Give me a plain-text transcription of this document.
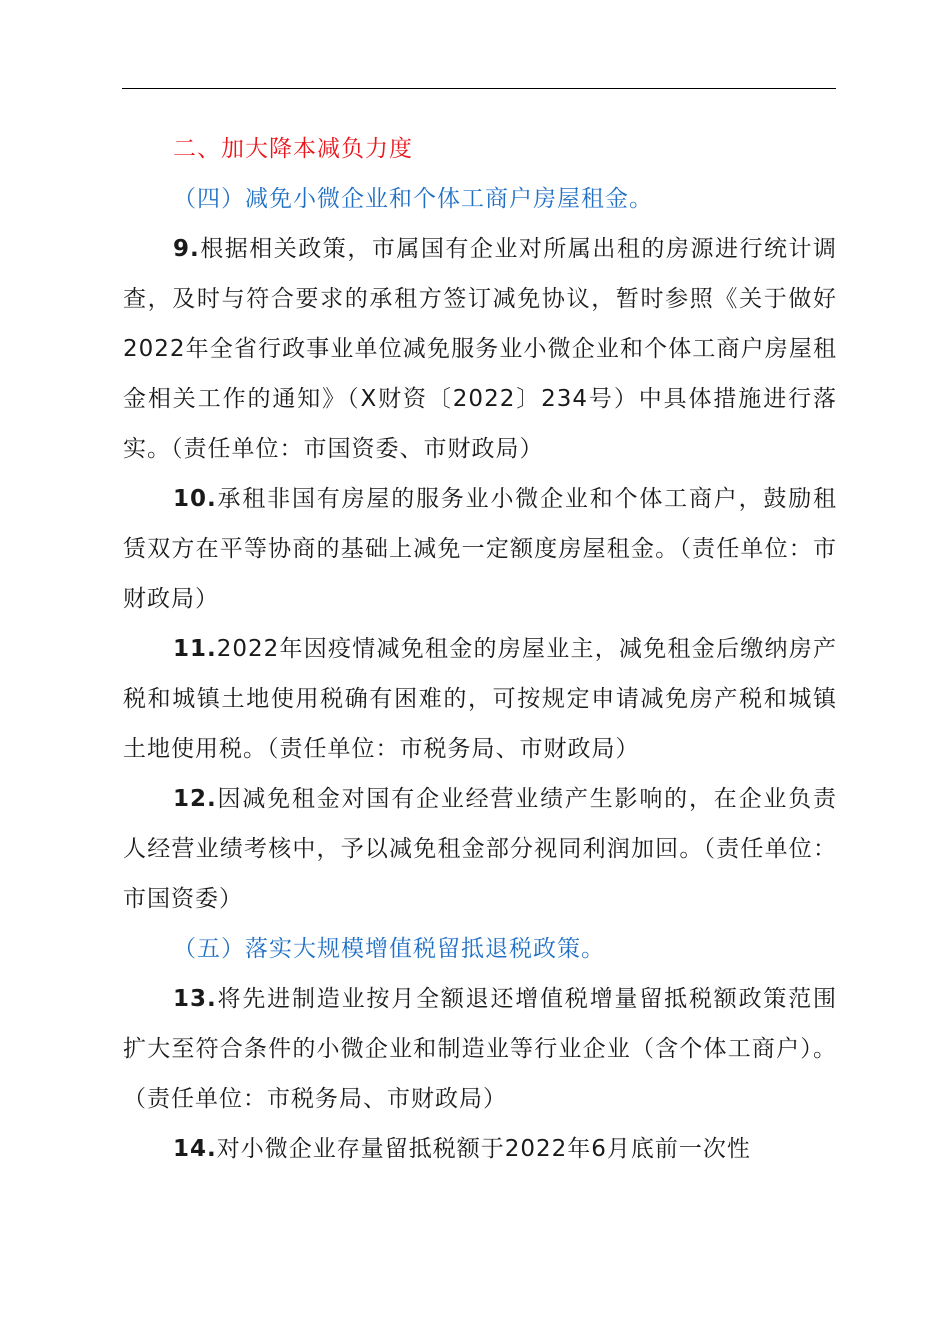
二、加大降本减负力度

（四）减免小微企业和个体工商户房屋租金。

9.根据相关政策，市属国有企业对所属出租的房源进行统计调查，及时与符合要求的承租方签订减免协议，暂时参照《关于做好2022年全省行政事业单位减免服务业小微企业和个体工商户房屋租金相关工作的通知》（X财资〔2022〕234号）中具体措施进行落实。（责任单位：市国资委、市财政局）

10.承租非国有房屋的服务业小微企业和个体工商户，鼓励租赁双方在平等协商的基础上减免一定额度房屋租金。（责任单位：市财政局）

11.2022年因疫情减免租金的房屋业主，减免租金后缴纳房产税和城镇土地使用税确有困难的，可按规定申请减免房产税和城镇土地使用税。（责任单位：市税务局、市财政局）

12.因减免租金对国有企业经营业绩产生影响的，在企业负责人经营业绩考核中，予以减免租金部分视同利润加回。（责任单位：市国资委）

（五）落实大规模增值税留抵退税政策。

13.将先进制造业按月全额退还增值税增量留抵税额政策范围扩大至符合条件的小微企业和制造业等行业企业（含个体工商户）。（责任单位：市税务局、市财政局）

14.对小微企业存量留抵税额于2022年6月底前一次性
